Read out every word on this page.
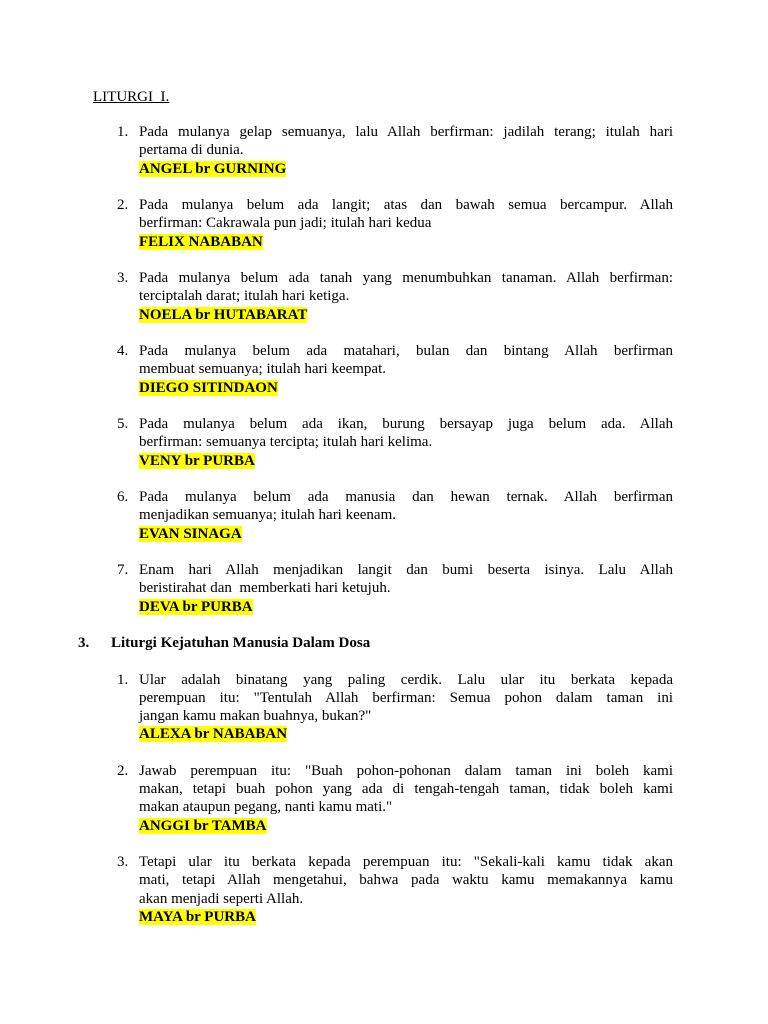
LITURGI  I.
1. Pada mulanya gelap semuanya, lalu Allah berfirman: jadilah terang; itulah hari
pertama di dunia.
ANGEL br GURNING
2. Pada mulanya belum ada langit; atas dan bawah semua bercampur. Allah
berfirman: Cakrawala pun jadi; itulah hari kedua
FELIX NABABAN
3. Pada mulanya belum ada tanah yang menumbuhkan tanaman. Allah berfirman:
terciptalah darat; itulah hari ketiga.
NOELA br HUTABARAT
4. Pada mulanya belum ada matahari, bulan dan bintang Allah berfirman
membuat semuanya; itulah hari keempat.
DIEGO SITINDAON
5. Pada mulanya belum ada ikan, burung bersayap juga belum ada. Allah
berfirman: semuanya tercipta; itulah hari kelima.
VENY br PURBA
6. Pada mulanya belum ada manusia dan hewan ternak. Allah berfirman
menjadikan semuanya; itulah hari keenam.
EVAN SINAGA
7. Enam hari Allah menjadikan langit dan bumi beserta isinya. Lalu Allah
beristirahat dan  memberkati hari ketujuh.
DEVA br PURBA
3. Liturgi Kejatuhan Manusia Dalam Dosa
1. Ular adalah binatang yang paling cerdik. Lalu ular itu berkata kepada
perempuan itu: "Tentulah Allah berfirman: Semua pohon dalam taman ini
jangan kamu makan buahnya, bukan?"
ALEXA br NABABAN
2. Jawab perempuan itu: "Buah pohon-pohonan dalam taman ini boleh kami
makan, tetapi buah pohon yang ada di tengah-tengah taman, tidak boleh kami
makan ataupun pegang, nanti kamu mati."
ANGGI br TAMBA
3. Tetapi ular itu berkata kepada perempuan itu: "Sekali-kali kamu tidak akan
mati, tetapi Allah mengetahui, bahwa pada waktu kamu memakannya kamu
akan menjadi seperti Allah.
MAYA br PURBA
